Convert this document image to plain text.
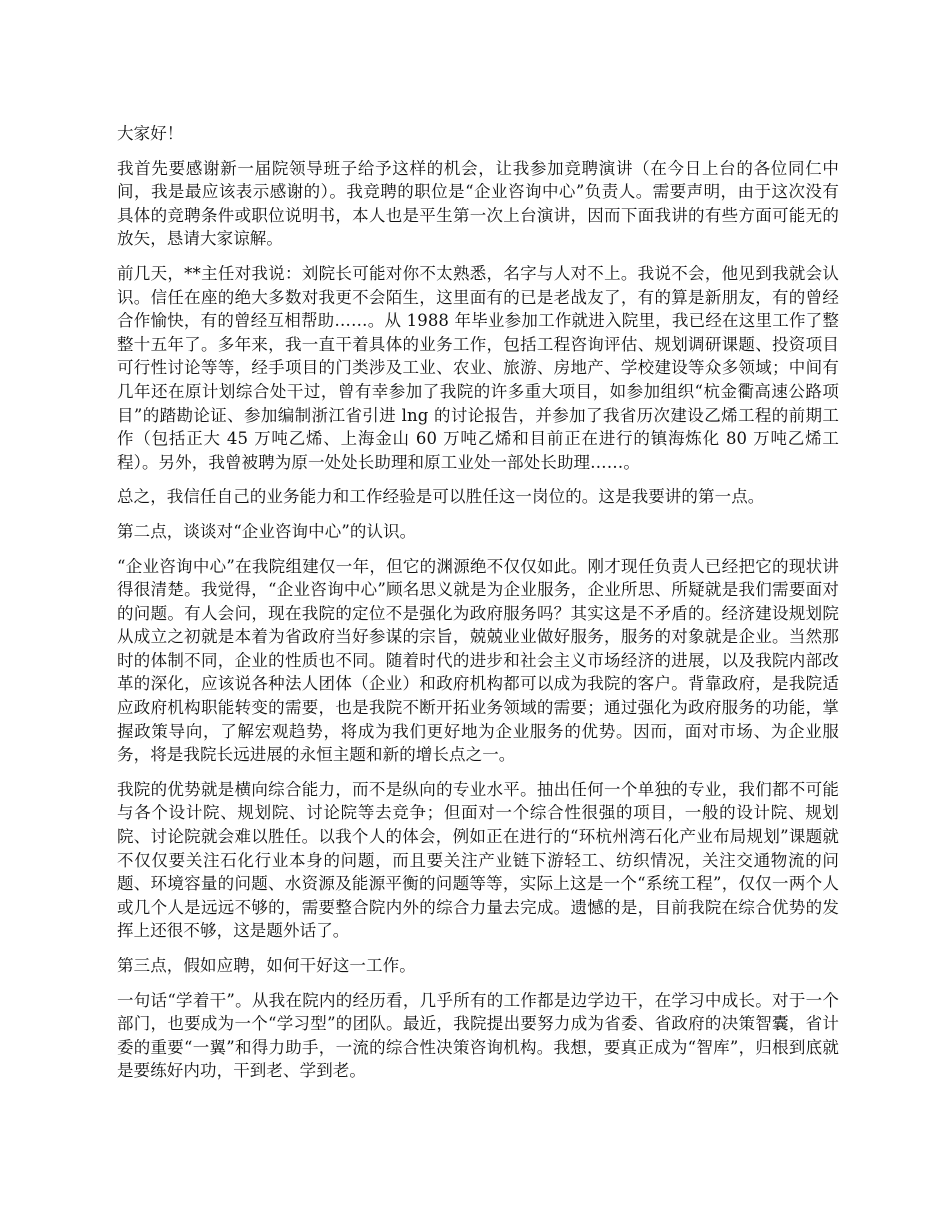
大家好！

我首先要感谢新一届院领导班子给予这样的机会，让我参加竞聘演讲（在今日上台的各位同仁中间，我是最应该表示感谢的）。我竞聘的职位是“企业咨询中心”负责人。需要声明，由于这次没有具体的竞聘条件或职位说明书，本人也是平生第一次上台演讲，因而下面我讲的有些方面可能无的放矢，恳请大家谅解。

前几天，**主任对我说：刘院长可能对你不太熟悉，名字与人对不上。我说不会，他见到我就会认识。信任在座的绝大多数对我更不会陌生，这里面有的已是老战友了，有的算是新朋友，有的曾经合作愉快，有的曾经互相帮助……。从 1988 年毕业参加工作就进入院里，我已经在这里工作了整整十五年了。多年来，我一直干着具体的业务工作，包括工程咨询评估、规划调研课题、投资项目可行性讨论等等，经手项目的门类涉及工业、农业、旅游、房地产、学校建设等众多领域；中间有几年还在原计划综合处干过，曾有幸参加了我院的许多重大项目，如参加组织“杭金衢高速公路项目”的踏勘论证、参加编制浙江省引进 lng 的讨论报告，并参加了我省历次建设乙烯工程的前期工作（包括正大 45 万吨乙烯、上海金山 60 万吨乙烯和目前正在进行的镇海炼化 80 万吨乙烯工程）。另外，我曾被聘为原一处处长助理和原工业处一部处长助理……。

总之，我信任自己的业务能力和工作经验是可以胜任这一岗位的。这是我要讲的第一点。

第二点，谈谈对“企业咨询中心”的认识。

“企业咨询中心”在我院组建仅一年，但它的渊源绝不仅仅如此。刚才现任负责人已经把它的现状讲得很清楚。我觉得，“企业咨询中心”顾名思义就是为企业服务，企业所思、所疑就是我们需要面对的问题。有人会问，现在我院的定位不是强化为政府服务吗？其实这是不矛盾的。经济建设规划院从成立之初就是本着为省政府当好参谋的宗旨，兢兢业业做好服务，服务的对象就是企业。当然那时的体制不同，企业的性质也不同。随着时代的进步和社会主义市场经济的进展，以及我院内部改革的深化，应该说各种法人团体（企业）和政府机构都可以成为我院的客户。背靠政府，是我院适应政府机构职能转变的需要，也是我院不断开拓业务领域的需要；通过强化为政府服务的功能，掌握政策导向，了解宏观趋势，将成为我们更好地为企业服务的优势。因而，面对市场、为企业服务，将是我院长远进展的永恒主题和新的增长点之一。

我院的优势就是横向综合能力，而不是纵向的专业水平。抽出任何一个单独的专业，我们都不可能与各个设计院、规划院、讨论院等去竞争；但面对一个综合性很强的项目，一般的设计院、规划院、讨论院就会难以胜任。以我个人的体会，例如正在进行的“环杭州湾石化产业布局规划”课题就不仅仅要关注石化行业本身的问题，而且要关注产业链下游轻工、纺织情况，关注交通物流的问题、环境容量的问题、水资源及能源平衡的问题等等，实际上这是一个“系统工程”，仅仅一两个人或几个人是远远不够的，需要整合院内外的综合力量去完成。遗憾的是，目前我院在综合优势的发挥上还很不够，这是题外话了。

第三点，假如应聘，如何干好这一工作。

一句话“学着干”。从我在院内的经历看，几乎所有的工作都是边学边干，在学习中成长。对于一个部门，也要成为一个“学习型”的团队。最近，我院提出要努力成为省委、省政府的决策智囊，省计委的重要“一翼”和得力助手，一流的综合性决策咨询机构。我想，要真正成为“智库”，归根到底就是要练好内功，干到老、学到老。
